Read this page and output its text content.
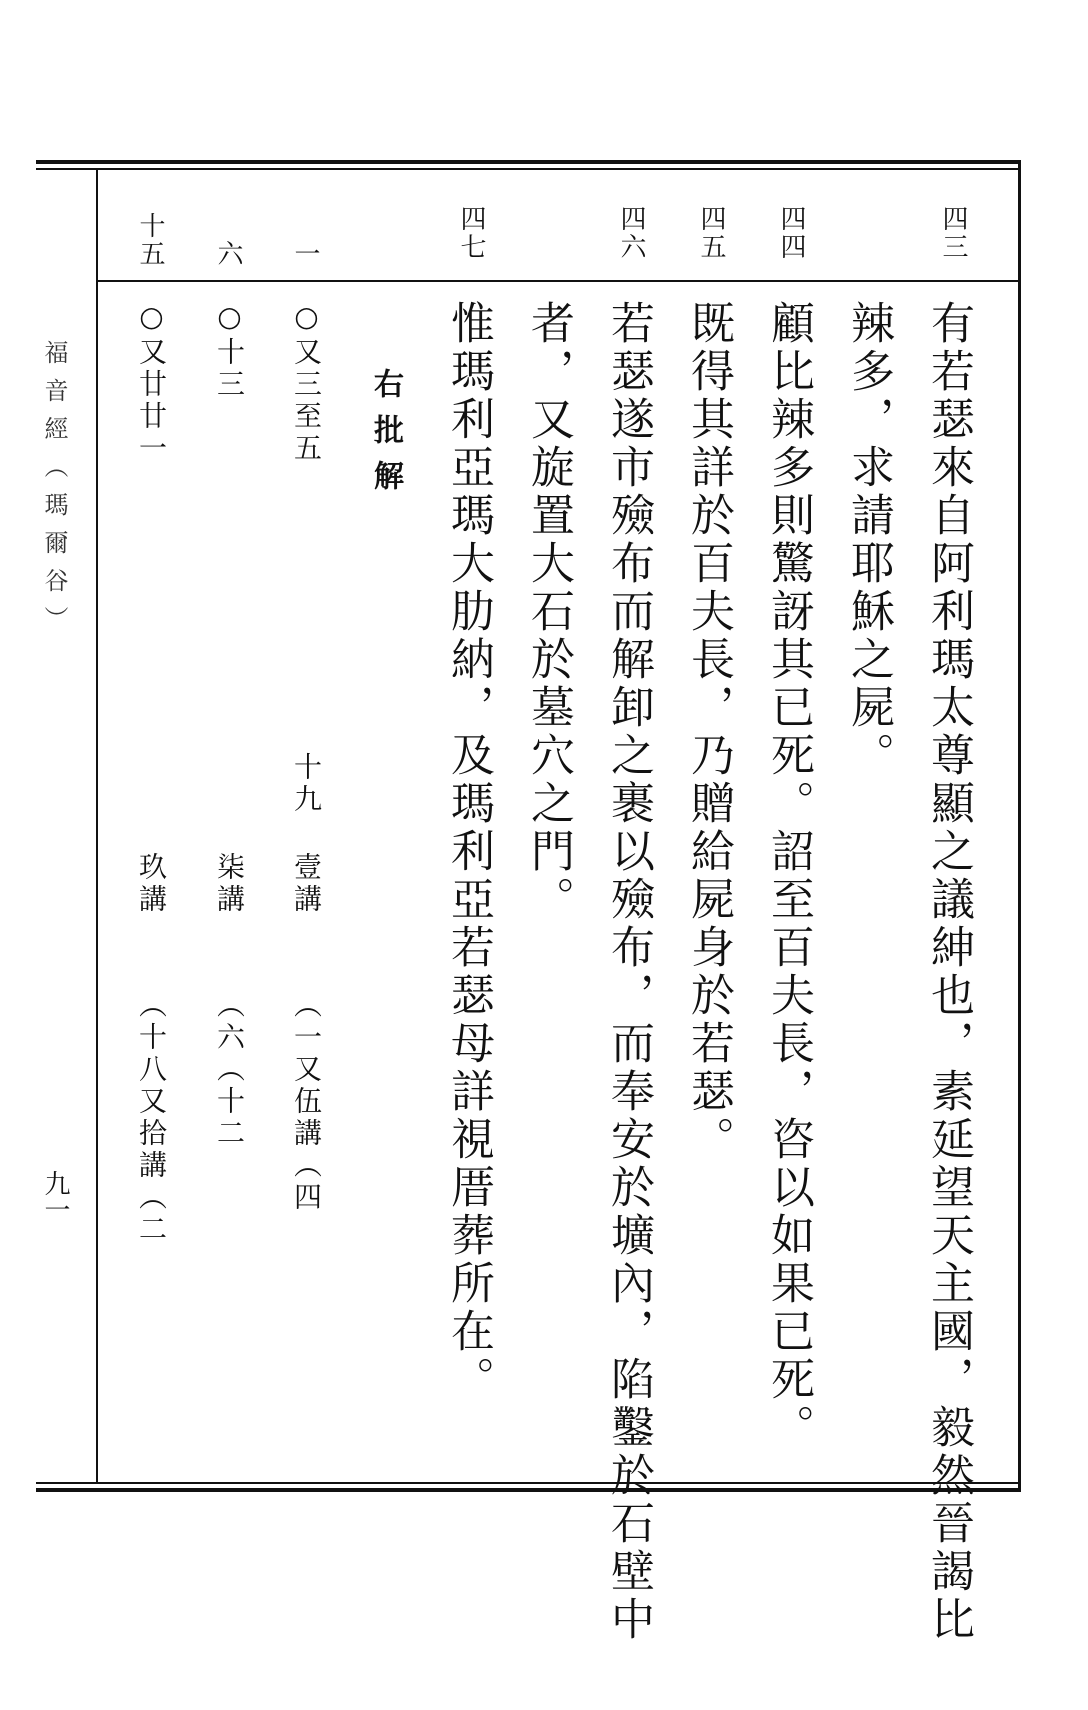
福音經（瑪爾谷）
九一
四三
四四
四五
四六
四七
一
六
十五
有若瑟來自阿利瑪太尊顯之議紳也，素延望天主國，毅然晉謁比
辣多，求請耶穌之屍。
顧比辣多則驚訝其已死。詔至百夫長，咨以如果已死。
既得其詳於百夫長，乃贈給屍身於若瑟。
若瑟遂市殮布而解卸之裹以殮布，而奉安於壙內，陷鑿於石壁中
者，又旋置大石於墓穴之門。
惟瑪利亞瑪大肋納，及瑪利亞若瑟母詳視厝葬所在。
右批解
○又三至五
十九
壹講
（一又伍講（四
○十三
柒講
（六（十二
○又廿廿一
玖講
（十八又拾講（二
